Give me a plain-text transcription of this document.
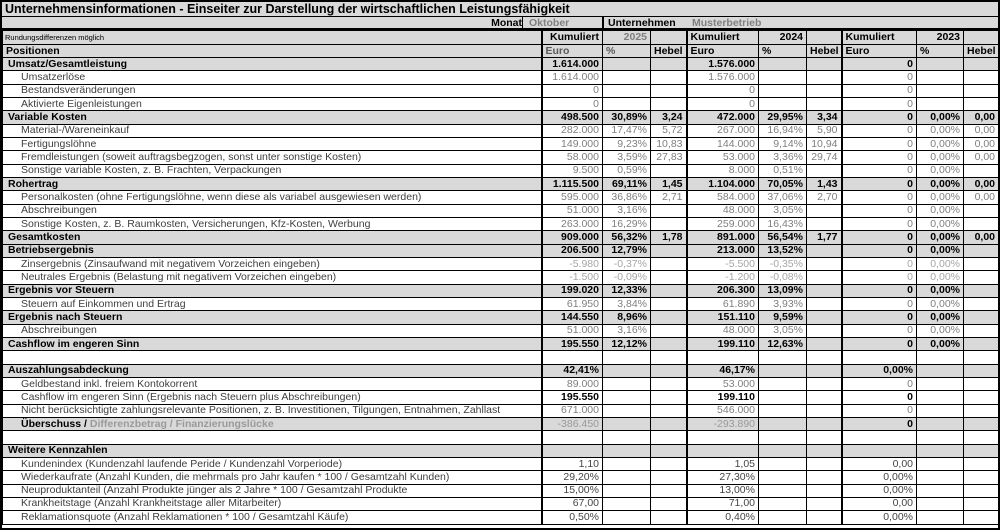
Unternehmensinformationen - Einseiter zur Darstellung der wirtschaftlichen Leistungsfähigkeit
Monat Oktober	Unternehmen	Musterbetrieb
Rundungsdifferenzen möglich	Kumuliert	2025		Kumuliert	2024		Kumuliert	2023	
Positionen	Euro	%	Hebel	Euro	%	Hebel	Euro	%	Hebel
Umsatz/Gesamtleistung	1.614.000			1.576.000			0		
Umsatzerlöse	1.614.000			1.576.000			0		
Bestandsveränderungen	0			0			0		
Aktivierte Eigenleistungen	0			0			0		
Variable Kosten	498.500	30,89%	3,24	472.000	29,95%	3,34	0	0,00%	0,00
Material-/Wareneinkauf	282.000	17,47%	5,72	267.000	16,94%	5,90	0	0,00%	0,00
Fertigungslöhne	149.000	9,23%	10,83	144.000	9,14%	10,94	0	0,00%	0,00
Fremdleistungen (soweit auftragsbegzogen, sonst unter sonstige Kosten)	58.000	3,59%	27,83	53.000	3,36%	29,74	0	0,00%	0,00
Sonstige variable Kosten, z. B. Frachten, Verpackungen	9.500	0,59%		8.000	0,51%		0	0,00%	
Rohertrag	1.115.500	69,11%	1,45	1.104.000	70,05%	1,43	0	0,00%	0,00
Personalkosten (ohne Fertigungslöhne, wenn diese als variabel ausgewiesen werden)	595.000	36,86%	2,71	584.000	37,06%	2,70	0	0,00%	0,00
Abschreibungen	51.000	3,16%		48.000	3,05%		0	0,00%	
Sonstige Kosten, z. B. Raumkosten, Versicherungen, Kfz-Kosten, Werbung	263.000	16,29%		259.000	16,43%		0	0,00%	
Gesamtkosten	909.000	56,32%	1,78	891.000	56,54%	1,77	0	0,00%	0,00
Betriebsergebnis	206.500	12,79%		213.000	13,52%		0	0,00%	
Zinsergebnis (Zinsaufwand mit negativem Vorzeichen eingeben)	-5.980	-0,37%		-5.500	-0,35%		0	0,00%	
Neutrales Ergebnis (Belastung mit negativem Vorzeichen eingeben)	-1.500	-0,09%		-1.200	-0,08%		0	0,00%	
Ergebnis vor Steuern	199.020	12,33%		206.300	13,09%		0	0,00%	
Steuern auf Einkommen und Ertrag	61.950	3,84%		61.890	3,93%		0	0,00%	
Ergebnis nach Steuern	144.550	8,96%		151.110	9,59%		0	0,00%	
Abschreibungen	51.000	3,16%		48.000	3,05%		0	0,00%	
Cashflow im engeren Sinn	195.550	12,12%		199.110	12,63%		0	0,00%	

Auszahlungsabdeckung	42,41%			46,17%			0,00%		
Geldbestand inkl. freiem Kontokorrent	89.000			53.000			0		
Cashflow im engeren Sinn (Ergebnis nach Steuern plus Abschreibungen)	195.550			199.110			0		
Nicht berücksichtigte zahlungsrelevante Positionen, z. B. Investitionen, Tilgungen, Entnahmen, Zahllast	671.000			546.000			0		
Überschuss / Differenzbetrag / Finanzierungslücke	-386.450			-293.890			0		

Weitere Kennzahlen									
Kundenindex (Kundenzahl laufende Peride / Kundenzahl Vorperiode)	1,10			1,05			0,00		
Wiederkaufrate (Anzahl Kunden, die mehrmals pro Jahr kaufen * 100 / Gesamtzahl Kunden)	29,20%			27,30%			0,00%		
Neuproduktanteil (Anzahl Produkte jünger als 2 Jahre * 100 / Gesamtzahl Produkte	15,00%			13,00%			0,00%		
Krankheitstage (Anzahl Krankheitstage aller Mitarbeiter)	67,00			71,00			0,00		
Reklamationsquote (Anzahl Reklamationen * 100 / Gesamtzahl Käufe)	0,50%			0,40%			0,00%		
